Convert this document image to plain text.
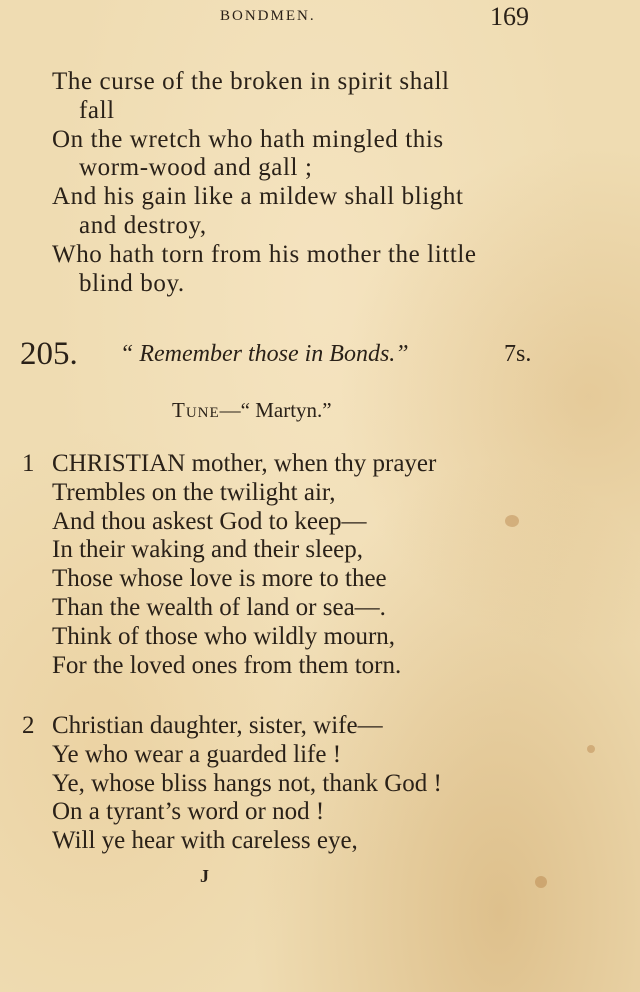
BONDMEN.	169
The curse of the broken in spirit shall
fall
On the wretch who hath mingled this
worm-wood and gall ;
And his gain like a mildew shall blight
and destroy,
Who hath torn from his mother the little
blind boy.
205. “ Remember those in Bonds.”	7s.
Tune—“ Martyn.”
1 CHRISTIAN mother, when thy prayer
Trembles on the twilight air,
And thou askest God to keep—
In their waking and their sleep,
Those whose love is more to thee
Than the wealth of land or sea—.
Think of those who wildly mourn,
For the loved ones from them torn.
2 Christian daughter, sister, wife—
Ye who wear a guarded life !
Ye, whose bliss hangs not, thank God !
On a tyrant’s word or nod !
Will ye hear with careless eye,
J
